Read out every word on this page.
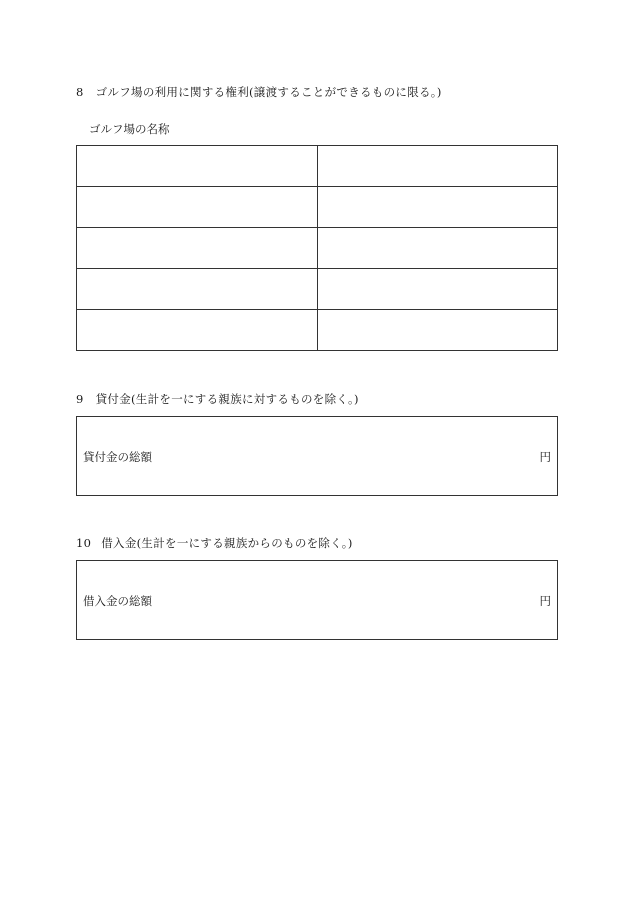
8 ゴルフ場の利用に関する権利(譲渡することができるものに限る。)
ゴルフ場の名称

9 貸付金(生計を一にする親族に対するものを除く。)
貸付金の総額	円
10 借入金(生計を一にする親族からのものを除く。)
借入金の総額	円
